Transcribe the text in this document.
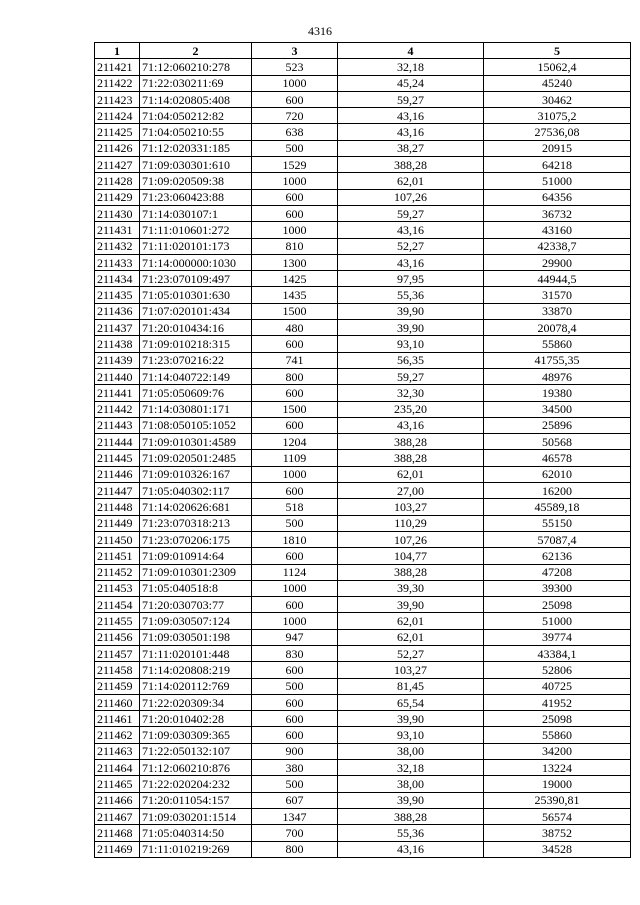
4316
1	2	3	4	5
211421	71:12:060210:278	523	32,18	15062,4
211422	71:22:030211:69	1000	45,24	45240
211423	71:14:020805:408	600	59,27	30462
211424	71:04:050212:82	720	43,16	31075,2
211425	71:04:050210:55	638	43,16	27536,08
211426	71:12:020331:185	500	38,27	20915
211427	71:09:030301:610	1529	388,28	64218
211428	71:09:020509:38	1000	62,01	51000
211429	71:23:060423:88	600	107,26	64356
211430	71:14:030107:1	600	59,27	36732
211431	71:11:010601:272	1000	43,16	43160
211432	71:11:020101:173	810	52,27	42338,7
211433	71:14:000000:1030	1300	43,16	29900
211434	71:23:070109:497	1425	97,95	44944,5
211435	71:05:010301:630	1435	55,36	31570
211436	71:07:020101:434	1500	39,90	33870
211437	71:20:010434:16	480	39,90	20078,4
211438	71:09:010218:315	600	93,10	55860
211439	71:23:070216:22	741	56,35	41755,35
211440	71:14:040722:149	800	59,27	48976
211441	71:05:050609:76	600	32,30	19380
211442	71:14:030801:171	1500	235,20	34500
211443	71:08:050105:1052	600	43,16	25896
211444	71:09:010301:4589	1204	388,28	50568
211445	71:09:020501:2485	1109	388,28	46578
211446	71:09:010326:167	1000	62,01	62010
211447	71:05:040302:117	600	27,00	16200
211448	71:14:020626:681	518	103,27	45589,18
211449	71:23:070318:213	500	110,29	55150
211450	71:23:070206:175	1810	107,26	57087,4
211451	71:09:010914:64	600	104,77	62136
211452	71:09:010301:2309	1124	388,28	47208
211453	71:05:040518:8	1000	39,30	39300
211454	71:20:030703:77	600	39,90	25098
211455	71:09:030507:124	1000	62,01	51000
211456	71:09:030501:198	947	62,01	39774
211457	71:11:020101:448	830	52,27	43384,1
211458	71:14:020808:219	600	103,27	52806
211459	71:14:020112:769	500	81,45	40725
211460	71:22:020309:34	600	65,54	41952
211461	71:20:010402:28	600	39,90	25098
211462	71:09:030309:365	600	93,10	55860
211463	71:22:050132:107	900	38,00	34200
211464	71:12:060210:876	380	32,18	13224
211465	71:22:020204:232	500	38,00	19000
211466	71:20:011054:157	607	39,90	25390,81
211467	71:09:030201:1514	1347	388,28	56574
211468	71:05:040314:50	700	55,36	38752
211469	71:11:010219:269	800	43,16	34528
